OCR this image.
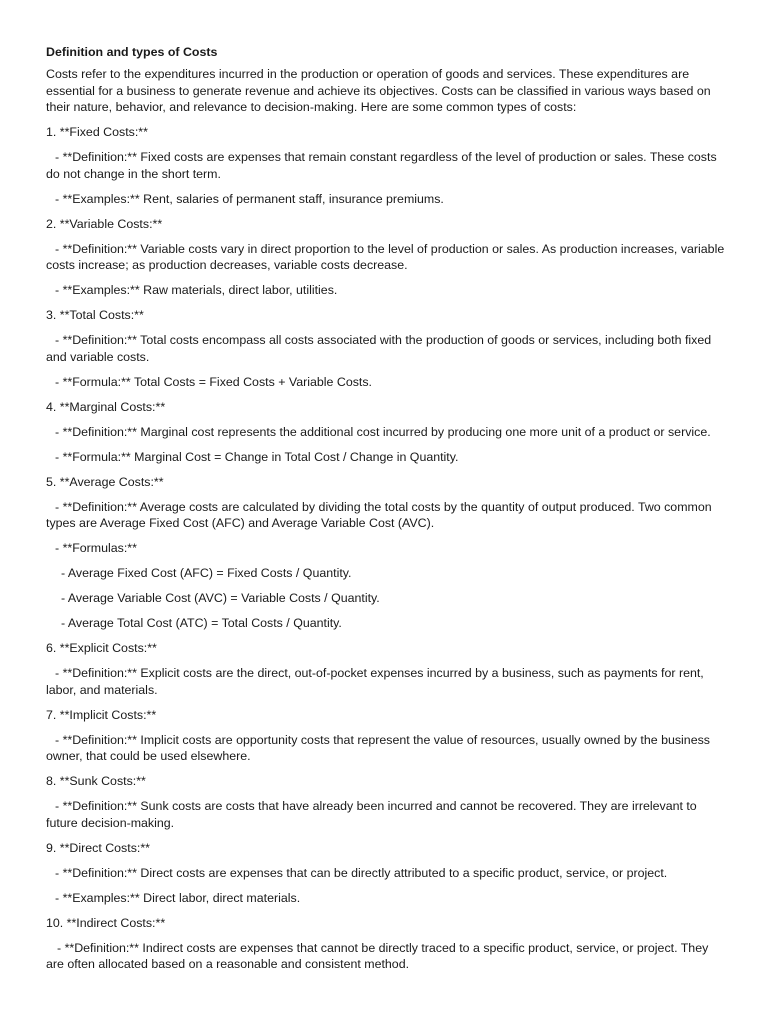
Definition and types of Costs

Costs refer to the expenditures incurred in the production or operation of goods and services. These expenditures are essential for a business to generate revenue and achieve its objectives. Costs can be classified in various ways based on their nature, behavior, and relevance to decision-making. Here are some common types of costs:

1. **Fixed Costs:**

- **Definition:** Fixed costs are expenses that remain constant regardless of the level of production or sales. These costs do not change in the short term.

- **Examples:** Rent, salaries of permanent staff, insurance premiums.

2. **Variable Costs:**

- **Definition:** Variable costs vary in direct proportion to the level of production or sales. As production increases, variable costs increase; as production decreases, variable costs decrease.

- **Examples:** Raw materials, direct labor, utilities.

3. **Total Costs:**

- **Definition:** Total costs encompass all costs associated with the production of goods or services, including both fixed and variable costs.

- **Formula:** Total Costs = Fixed Costs + Variable Costs.

4. **Marginal Costs:**

- **Definition:** Marginal cost represents the additional cost incurred by producing one more unit of a product or service.

- **Formula:** Marginal Cost = Change in Total Cost / Change in Quantity.

5. **Average Costs:**

- **Definition:** Average costs are calculated by dividing the total costs by the quantity of output produced. Two common types are Average Fixed Cost (AFC) and Average Variable Cost (AVC).

- **Formulas:**

- Average Fixed Cost (AFC) = Fixed Costs / Quantity.

- Average Variable Cost (AVC) = Variable Costs / Quantity.

- Average Total Cost (ATC) = Total Costs / Quantity.

6. **Explicit Costs:**

- **Definition:** Explicit costs are the direct, out-of-pocket expenses incurred by a business, such as payments for rent, labor, and materials.

7. **Implicit Costs:**

- **Definition:** Implicit costs are opportunity costs that represent the value of resources, usually owned by the business owner, that could be used elsewhere.

8. **Sunk Costs:**

- **Definition:** Sunk costs are costs that have already been incurred and cannot be recovered. They are irrelevant to future decision-making.

9. **Direct Costs:**

- **Definition:** Direct costs are expenses that can be directly attributed to a specific product, service, or project.

- **Examples:** Direct labor, direct materials.

10. **Indirect Costs:**

- **Definition:** Indirect costs are expenses that cannot be directly traced to a specific product, service, or project. They are often allocated based on a reasonable and consistent method.
